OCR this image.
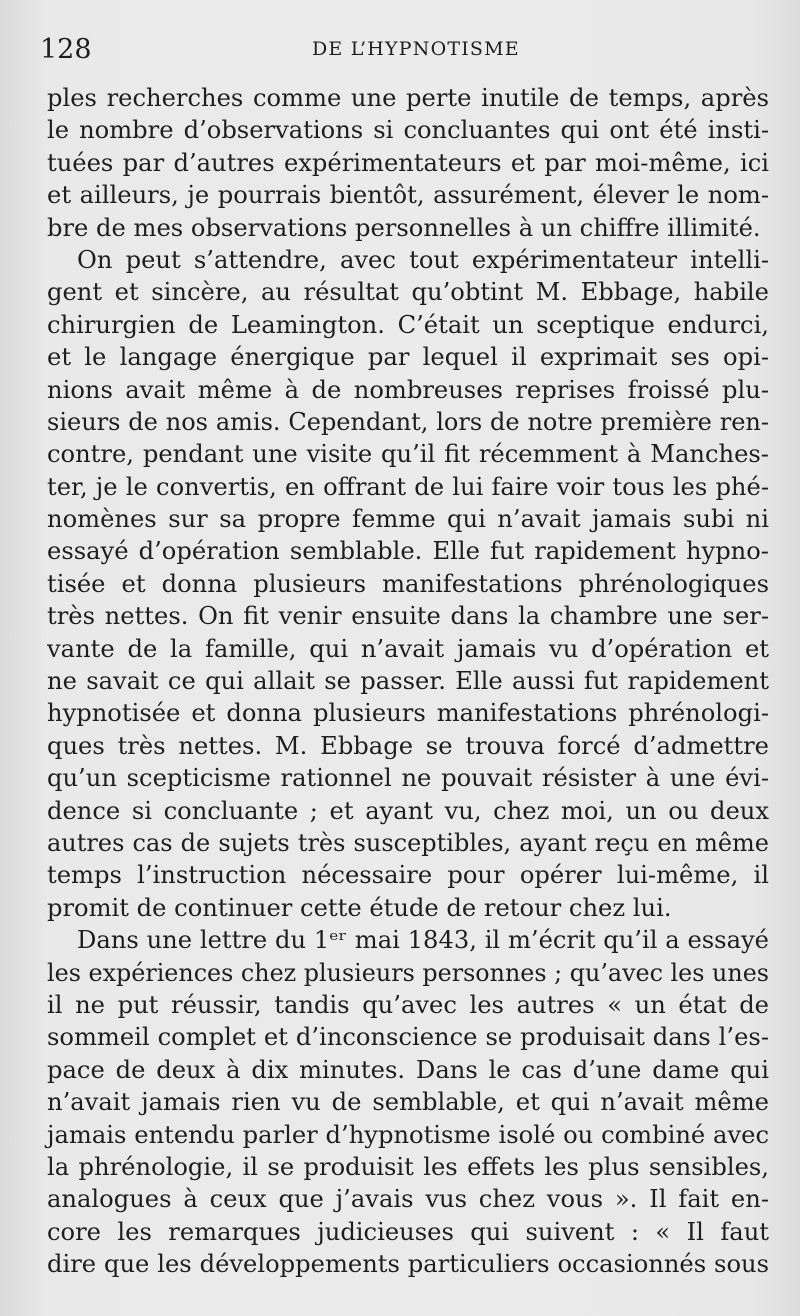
128	DE L’HYPNOTISME
ples recherches comme une perte inutile de temps, après
le nombre d’observations si concluantes qui ont été insti-
tuées par d’autres expérimentateurs et par moi-même, ici
et ailleurs, je pourrais bientôt, assurément, élever le nom-
bre de mes observations personnelles à un chiffre illimité.
On peut s’attendre, avec tout expérimentateur intelli-
gent et sincère, au résultat qu’obtint M. Ebbage, habile
chirurgien de Leamington. C’était un sceptique endurci,
et le langage énergique par lequel il exprimait ses opi-
nions avait même à de nombreuses reprises froissé plu-
sieurs de nos amis. Cependant, lors de notre première ren-
contre, pendant une visite qu’il fit récemment à Manches-
ter, je le convertis, en offrant de lui faire voir tous les phé-
nomènes sur sa propre femme qui n’avait jamais subi ni
essayé d’opération semblable. Elle fut rapidement hypno-
tisée et donna plusieurs manifestations phrénologiques
très nettes. On fit venir ensuite dans la chambre une ser-
vante de la famille, qui n’avait jamais vu d’opération et
ne savait ce qui allait se passer. Elle aussi fut rapidement
hypnotisée et donna plusieurs manifestations phrénologi-
ques très nettes. M. Ebbage se trouva forcé d’admettre
qu’un scepticisme rationnel ne pouvait résister à une évi-
dence si concluante ; et ayant vu, chez moi, un ou deux
autres cas de sujets très susceptibles, ayant reçu en même
temps l’instruction nécessaire pour opérer lui-même, il
promit de continuer cette étude de retour chez lui.
Dans une lettre du 1ᵉʳ mai 1843, il m’écrit qu’il a essayé
les expériences chez plusieurs personnes ; qu’avec les unes
il ne put réussir, tandis qu’avec les autres « un état de
sommeil complet et d’inconscience se produisait dans l’es-
pace de deux à dix minutes. Dans le cas d’une dame qui
n’avait jamais rien vu de semblable, et qui n’avait même
jamais entendu parler d’hypnotisme isolé ou combiné avec
la phrénologie, il se produisit les effets les plus sensibles,
analogues à ceux que j’avais vus chez vous ». Il fait en-
core les remarques judicieuses qui suivent : « Il faut
dire que les développements particuliers occasionnés sous
